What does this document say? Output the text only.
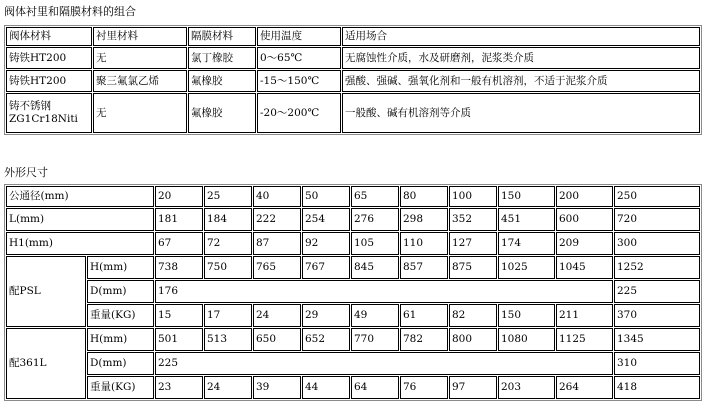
阀体衬里和隔膜材料的组合
阀体材料	衬里材料	隔膜材料	使用温度	适用场合
铸铁HT200	无	氯丁橡胶	0～65℃	无腐蚀性介质，水及研磨剂，泥浆类介质
铸铁HT200	聚三氟氯乙烯	氟橡胶	-15～150℃	强酸、强碱、强氧化剂和一般有机溶剂，不适于泥浆介质
铸不锈钢 ZG1Cr18Niti	无	氟橡胶	-20～200℃	一般酸、碱有机溶剂等介质
外形尺寸
公通径(mm)		20	25	40	50	65	80	100	150	200	250
L(mm)		181	184	222	254	276	298	352	451	600	720
H1(mm)		67	72	87	92	105	110	127	174	209	300
配PSL	H(mm)	738	750	765	767	845	857	875	1025	1045	1252
	D(mm)	176									225
	重量(KG)	15	17	24	29	49	61	82	150	211	370
配361L	H(mm)	501	513	650	652	770	782	800	1080	1125	1345
	D(mm)	225									310
	重量(KG)	23	24	39	44	64	76	97	203	264	418
